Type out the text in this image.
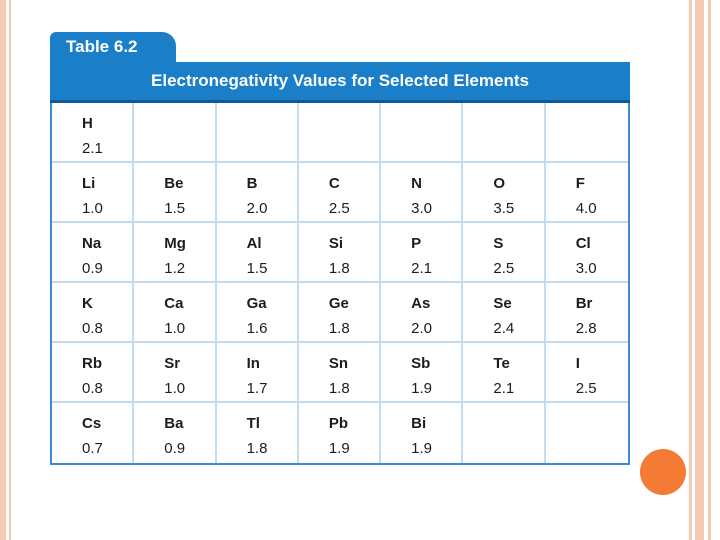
Table 6.2
Electronegativity Values for Selected Elements
H
2.1
Li
1.0
Be
1.5
B
2.0
C
2.5
N
3.0
O
3.5
F
4.0
Na
0.9
Mg
1.2
Al
1.5
Si
1.8
P
2.1
S
2.5
Cl
3.0
K
0.8
Ca
1.0
Ga
1.6
Ge
1.8
As
2.0
Se
2.4
Br
2.8
Rb
0.8
Sr
1.0
In
1.7
Sn
1.8
Sb
1.9
Te
2.1
I
2.5
Cs
0.7
Ba
0.9
Tl
1.8
Pb
1.9
Bi
1.9
